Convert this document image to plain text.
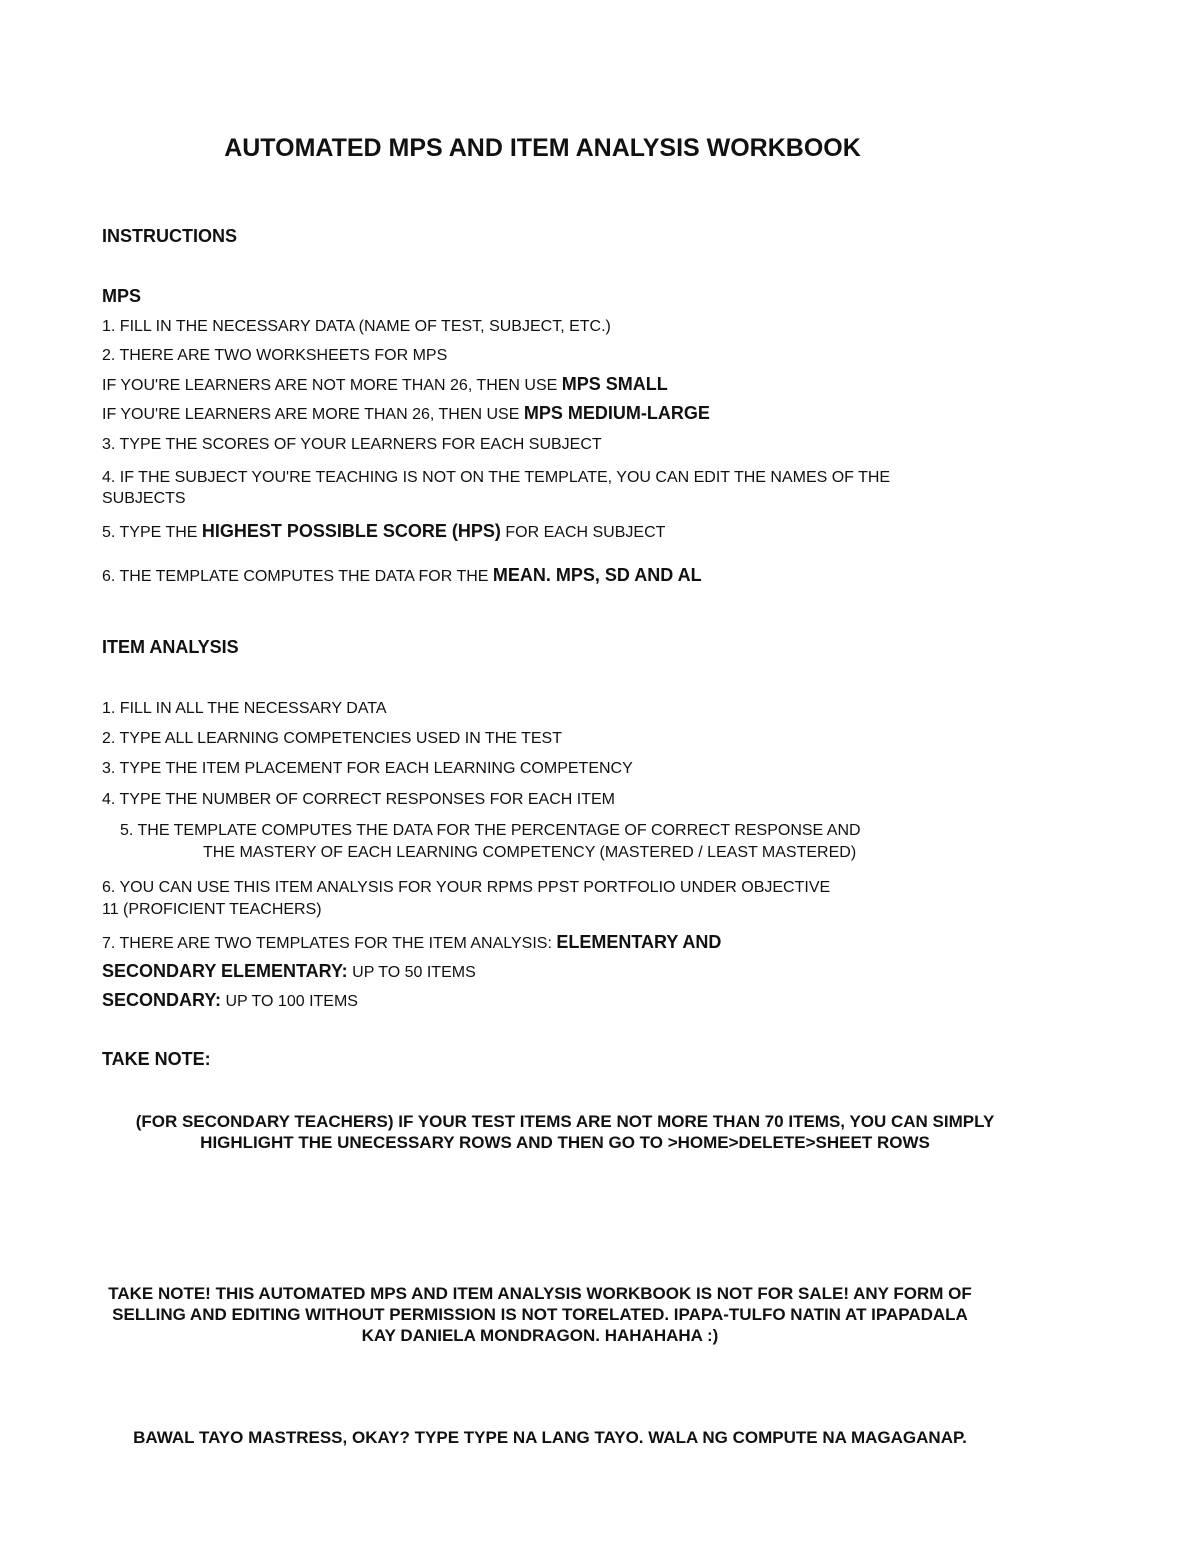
AUTOMATED MPS AND ITEM ANALYSIS WORKBOOK
INSTRUCTIONS
MPS
1. FILL IN THE NECESSARY DATA (NAME OF TEST, SUBJECT, ETC.)
2. THERE ARE TWO WORKSHEETS FOR MPS
IF YOU'RE LEARNERS ARE NOT MORE THAN 26, THEN USE MPS SMALL
IF YOU'RE LEARNERS ARE MORE THAN 26, THEN USE MPS MEDIUM-LARGE
3. TYPE THE SCORES OF YOUR LEARNERS FOR EACH SUBJECT
4. IF THE SUBJECT YOU'RE TEACHING IS NOT ON THE TEMPLATE, YOU CAN EDIT THE NAMES OF THE SUBJECTS
5. TYPE THE HIGHEST POSSIBLE SCORE (HPS) FOR EACH SUBJECT
6. THE TEMPLATE COMPUTES THE DATA FOR THE MEAN. MPS, SD AND AL
ITEM ANALYSIS
1. FILL IN ALL THE NECESSARY DATA
2. TYPE ALL LEARNING COMPETENCIES USED IN THE TEST
3. TYPE THE ITEM PLACEMENT FOR EACH LEARNING COMPETENCY
4. TYPE THE NUMBER OF CORRECT RESPONSES FOR EACH ITEM
5. THE TEMPLATE COMPUTES THE DATA FOR THE PERCENTAGE OF CORRECT RESPONSE AND
THE MASTERY OF EACH LEARNING COMPETENCY (MASTERED / LEAST MASTERED)
6. YOU CAN USE THIS ITEM ANALYSIS FOR YOUR RPMS PPST PORTFOLIO UNDER OBJECTIVE
11 (PROFICIENT TEACHERS)
7. THERE ARE TWO TEMPLATES FOR THE ITEM ANALYSIS: ELEMENTARY AND
SECONDARY ELEMENTARY: UP TO 50 ITEMS
SECONDARY: UP TO 100 ITEMS
TAKE NOTE:
(FOR SECONDARY TEACHERS) IF YOUR TEST ITEMS ARE NOT MORE THAN 70 ITEMS, YOU CAN SIMPLY HIGHLIGHT THE UNECESSARY ROWS AND THEN GO TO >HOME>DELETE>SHEET ROWS
TAKE NOTE! THIS AUTOMATED MPS AND ITEM ANALYSIS WORKBOOK IS NOT FOR SALE! ANY FORM OF SELLING AND EDITING WITHOUT PERMISSION IS NOT TORELATED. IPAPA-TULFO NATIN AT IPAPADALA KAY DANIELA MONDRAGON. HAHAHAHA :)
BAWAL TAYO MASTRESS, OKAY? TYPE TYPE NA LANG TAYO. WALA NG COMPUTE NA MAGAGANAP.
